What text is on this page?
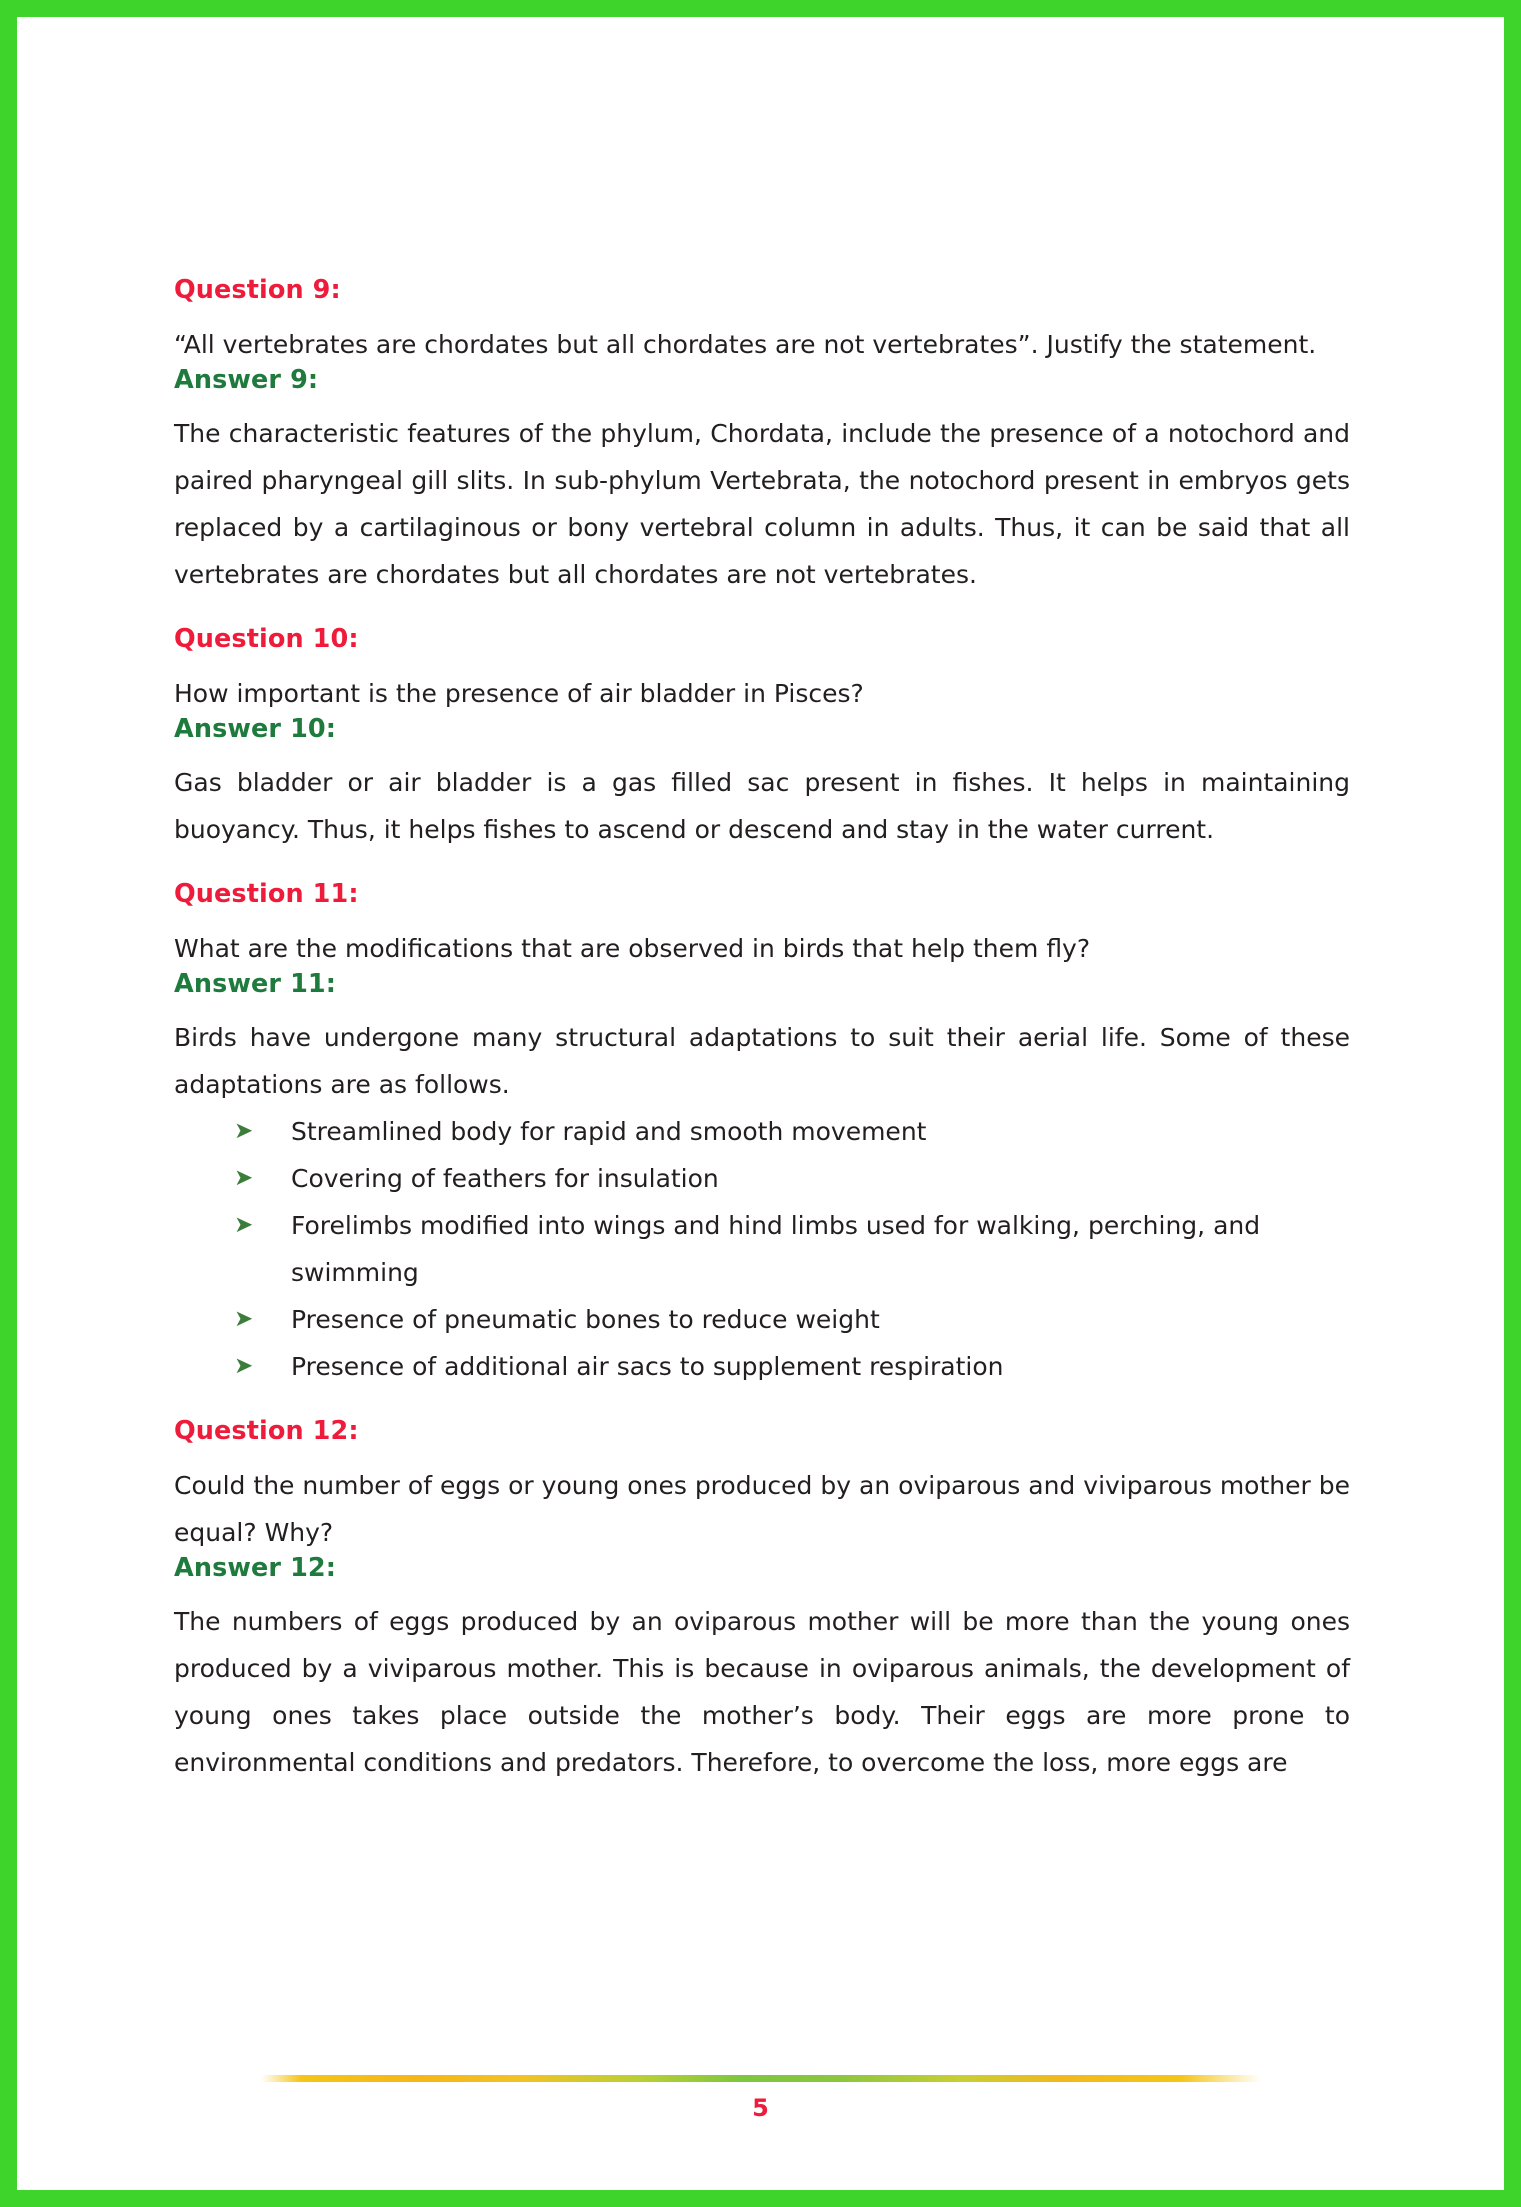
Question 9:

“All vertebrates are chordates but all chordates are not vertebrates”. Justify the statement.

Answer 9:

The characteristic features of the phylum, Chordata, include the presence of a notochord and paired pharyngeal gill slits. In sub-phylum Vertebrata, the notochord present in embryos gets replaced by a cartilaginous or bony vertebral column in adults. Thus, it can be said that all vertebrates are chordates but all chordates are not vertebrates.

Question 10:

How important is the presence of air bladder in Pisces?

Answer 10:

Gas bladder or air bladder is a gas filled sac present in fishes. It helps in maintaining buoyancy. Thus, it helps fishes to ascend or descend and stay in the water current.

Question 11:

What are the modifications that are observed in birds that help them fly?

Answer 11:

Birds have undergone many structural adaptations to suit their aerial life. Some of these adaptations are as follows.

➤ Streamlined body for rapid and smooth movement
➤ Covering of feathers for insulation
➤ Forelimbs modified into wings and hind limbs used for walking, perching, and swimming
➤ Presence of pneumatic bones to reduce weight
➤ Presence of additional air sacs to supplement respiration

Question 12:

Could the number of eggs or young ones produced by an oviparous and viviparous mother be equal? Why?

Answer 12:

The numbers of eggs produced by an oviparous mother will be more than the young ones produced by a viviparous mother. This is because in oviparous animals, the development of young ones takes place outside the mother’s body. Their eggs are more prone to environmental conditions and predators. Therefore, to overcome the loss, more eggs are

5
